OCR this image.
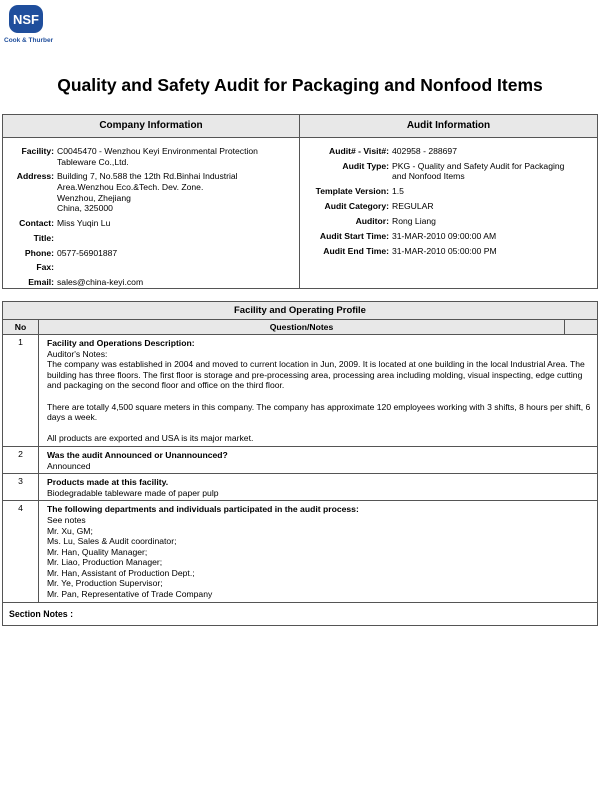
NSF
Cook & Thurber
Quality and Safety Audit for Packaging and Nonfood Items
Company Information
Facility: C0045470 - Wenzhou Keyi Environmental Protection
Tableware Co.,Ltd.
Address: Building 7, No.588 the 12th Rd.Binhai Industrial
Area.Wenzhou Eco.&Tech. Dev. Zone.
Wenzhou, Zhejiang
China, 325000
Contact: Miss Yuqin Lu
Title:
Phone: 0577-56901887
Fax:
Email: sales@china-keyi.com
Audit Information
Audit# - Visit#: 402958 - 288697
Audit Type: PKG - Quality and Safety Audit for Packaging
and Nonfood Items
Template Version: 1.5
Audit Category: REGULAR
Auditor: Rong Liang
Audit Start Time: 31-MAR-2010 09:00:00 AM
Audit End Time: 31-MAR-2010 05:00:00 PM
Facility and Operating Profile
No	Question/Notes
1	Facility and Operations Description:
Auditor's Notes:
The company was established in 2004 and moved to current location in Jun, 2009. It is located at one building in the local Industrial Area. The building has three floors. The first floor is storage and pre-processing area, processing area including molding, visual inspecting, edge cutting and packaging on the second floor and office on the third floor.
There are totally 4,500 square meters in this company. The company has approximate 120 employees working with 3 shifts, 8 hours per shift, 6 days a week.
All products are exported and USA is its major market.
2	Was the audit Announced or Unannounced?
Announced
3	Products made at this facility.
Biodegradable tableware made of paper pulp
4	The following departments and individuals participated in the audit process:
See notes
Mr. Xu, GM;
Ms. Lu, Sales & Audit coordinator;
Mr. Han, Quality Manager;
Mr. Liao, Production Manager;
Mr. Han, Assistant of Production Dept.;
Mr. Ye, Production Supervisor;
Mr. Pan, Representative of Trade Company
Section Notes :
